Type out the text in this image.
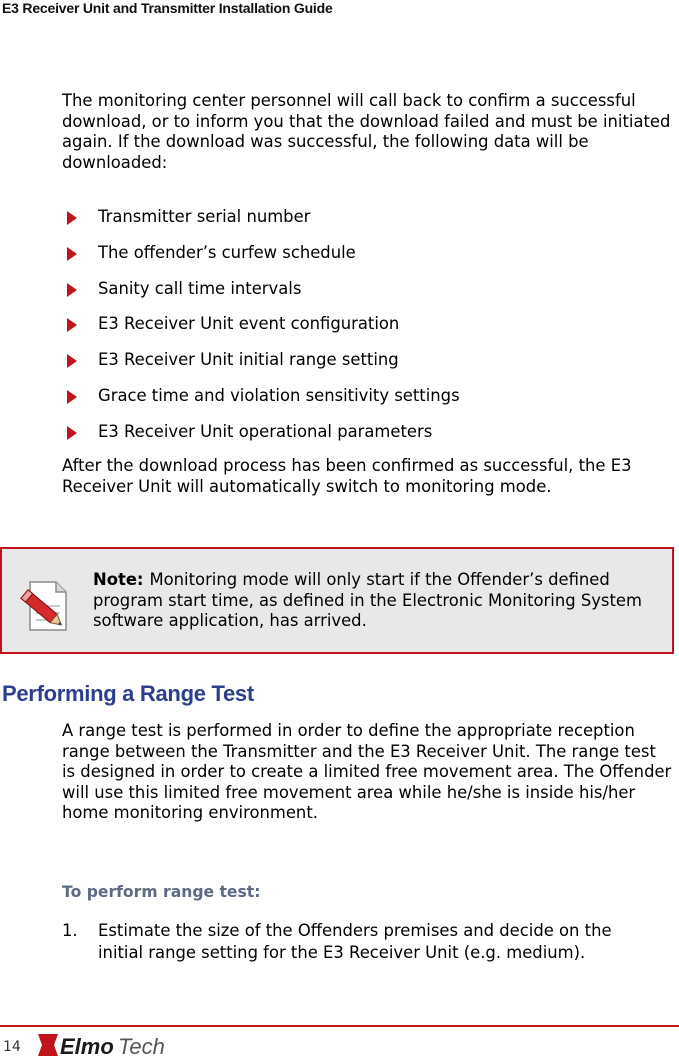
E3 Receiver Unit and Transmitter Installation Guide

The monitoring center personnel will call back to confirm a successful download, or to inform you that the download failed and must be initiated again. If the download was successful, the following data will be downloaded:

Transmitter serial number
The offender’s curfew schedule
Sanity call time intervals
E3 Receiver Unit event configuration
E3 Receiver Unit initial range setting
Grace time and violation sensitivity settings
E3 Receiver Unit operational parameters

After the download process has been confirmed as successful, the E3 Receiver Unit will automatically switch to monitoring mode.

Note: Monitoring mode will only start if the Offender’s defined program start time, as defined in the Electronic Monitoring System software application, has arrived.
Performing a Range Test

A range test is performed in order to define the appropriate reception range between the Transmitter and the E3 Receiver Unit. The range test is designed in order to create a limited free movement area. The Offender will use this limited free movement area while he/she is inside his/her home monitoring environment.

To perform range test:

1. Estimate the size of the Offenders premises and decide on the initial range setting for the E3 Receiver Unit (e.g. medium).
14 Elmo Tech
